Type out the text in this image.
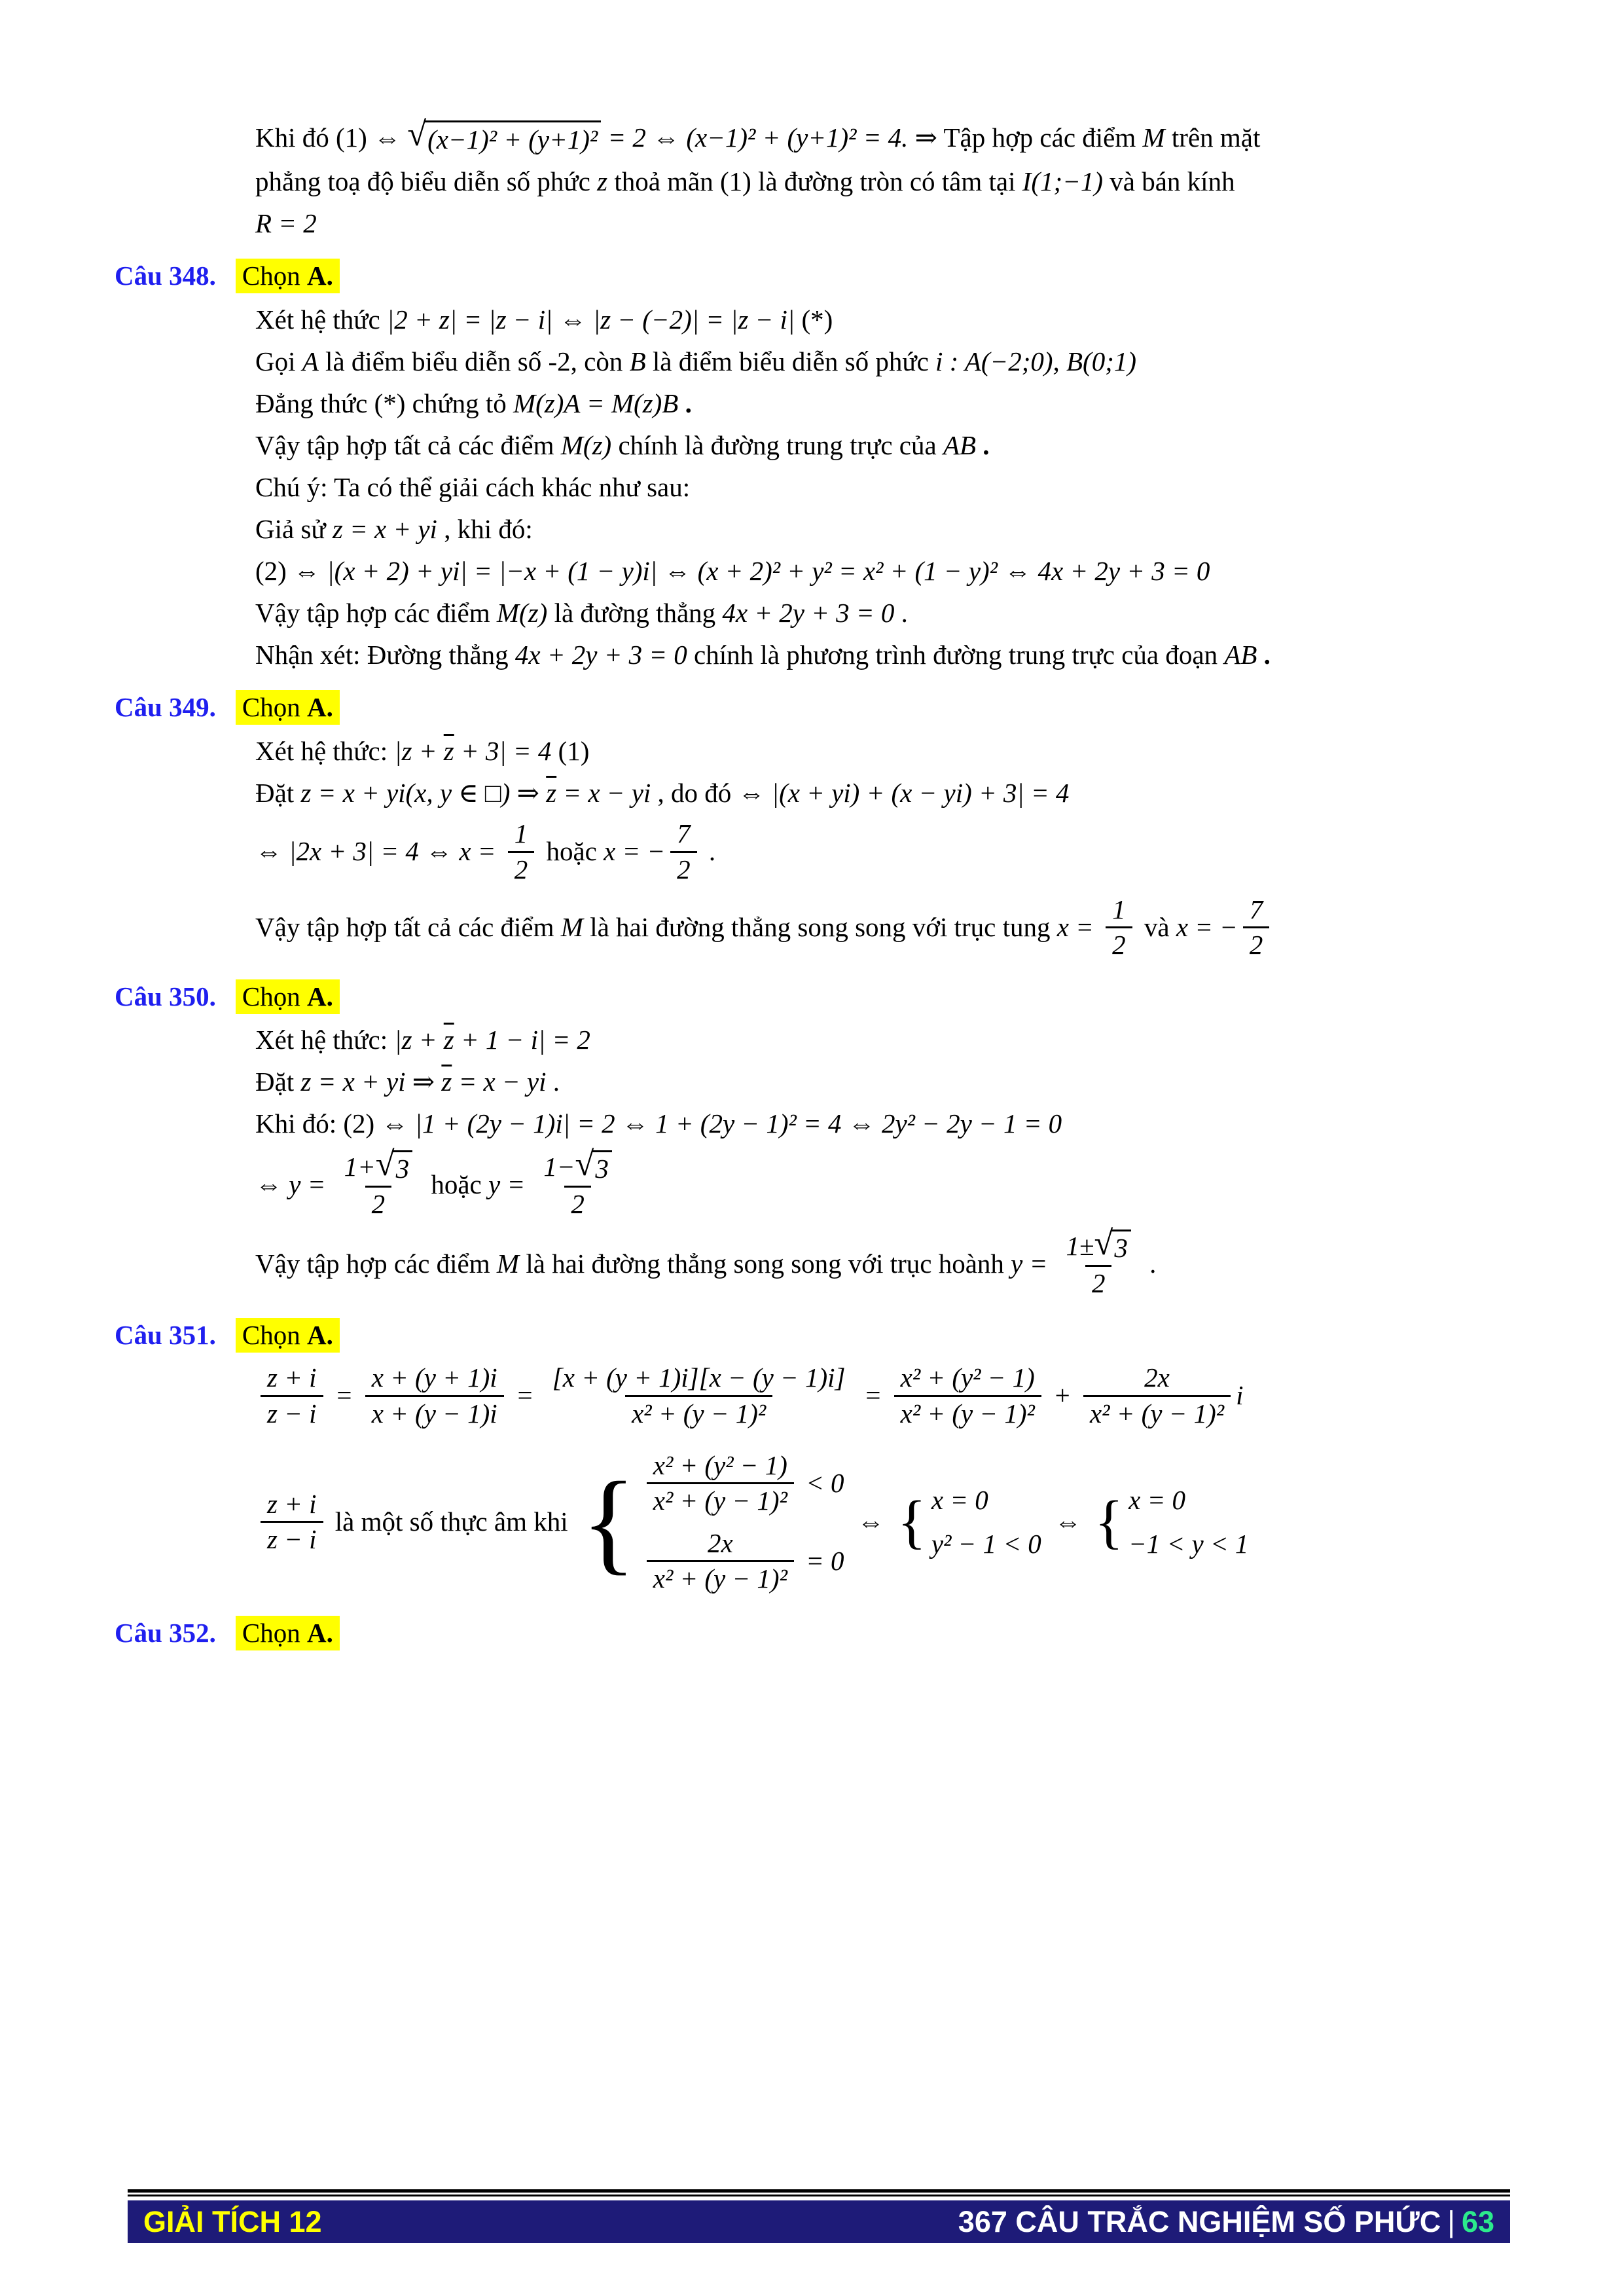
Khi đó (1) ⇔ √ (x−1)² + (y+1)² = 2 ⇔ (x−1)² + (y+1)² = 4. ⇒ Tập hợp các điểm M trên mặt
phẳng toạ độ biểu diễn số phức z thoả mãn (1) là đường tròn có tâm tại I(1;−1) và bán kính
R = 2
Câu 348. Chọn A.
Xét hệ thức |2 + z| = |z − i| ⇔ |z − (−2)| = |z − i| (*)
Gọi A là điểm biểu diễn số -2, còn B là điểm biểu diễn số phức i : A(−2;0), B(0;1)
Đẳng thức (*) chứng tỏ M(z)A = M(z)B .
Vậy tập hợp tất cả các điểm M(z) chính là đường trung trực của AB .
Chú ý: Ta có thể giải cách khác như sau:
Giả sử z = x + yi , khi đó:
(2) ⇔ |(x + 2) + yi| = |−x + (1 − y)i| ⇔ (x + 2)² + y² = x² + (1 − y)² ⇔ 4x + 2y + 3 = 0
Vậy tập hợp các điểm M(z) là đường thẳng 4x + 2y + 3 = 0 .
Nhận xét: Đường thẳng 4x + 2y + 3 = 0 chính là phương trình đường trung trực của đoạn AB .
Câu 349. Chọn A.
Xét hệ thức: $|z + \overline{z} + 3| = 4$ (1)
Đặt z = x + yi(x, y ∈ □) ⇒ $\overline{z} = x$ − yi , do đó ⇔ |(x + yi) + (x − yi) + 3| = 4
⇔ |2x + 3| = 4 ⇔ $x = \frac{1}{2}$ hoặc x = − $\frac{7}{2}$ .
Vậy tập hợp tất cả các điểm M là hai đường thẳng song song với trục tung $x = \frac{1}{2}$ và x = − $\frac{7}{2}$
Câu 350. Chọn A.
Xét hệ thức: $|z + \overline{z} + 1 - i| = 2$
Đặt z = x + yi ⇒ $\overline{z} = x$ − yi .
Khi đó: (2) ⇔ |1 + (2y − 1)i| = 2 ⇔ 1 + (2y − 1)² = 4 ⇔ 2y² − 2y − 1 = 0
⇔ $y = \frac{1+ √ 3}{2}$ hoặc $y = \frac{1- √ 3}{2}$
Vậy tập hợp các điểm M là hai đường thẳng song song với trục hoành $y = \frac{1\pm √ 3}{2}$ .
Câu 351. Chọn A.
$\frac{z + i}{z - i} = \frac{x + (y + 1)i}{x + (y - 1)i} = \frac{[x + (y + 1)i][x - (y - 1)i]}{\text{x² + (y − 1)²}} = \frac{\text{x² + (y² − 1)}}{\text{x² + (y − 1)²}} + \frac{2x}{\text{x² + (y − 1)²}}$ i
$\frac{z + i}{z - i}$ là một số thực âm khi { $\frac{\text{x² + (y² − 1)}}{\text{x² + (y − 1)²}} < 0$
$\frac{2x}{\text{x² + (y − 1)²}} = 0$
⇔ { x = 0
y² − 1 < 0
⇔ { x = 0
−1 < y < 1
Câu 352. Chọn A.
GIẢI TÍCH 12	367 CÂU TRẮC NGHIỆM SỐ PHỨC | 63
